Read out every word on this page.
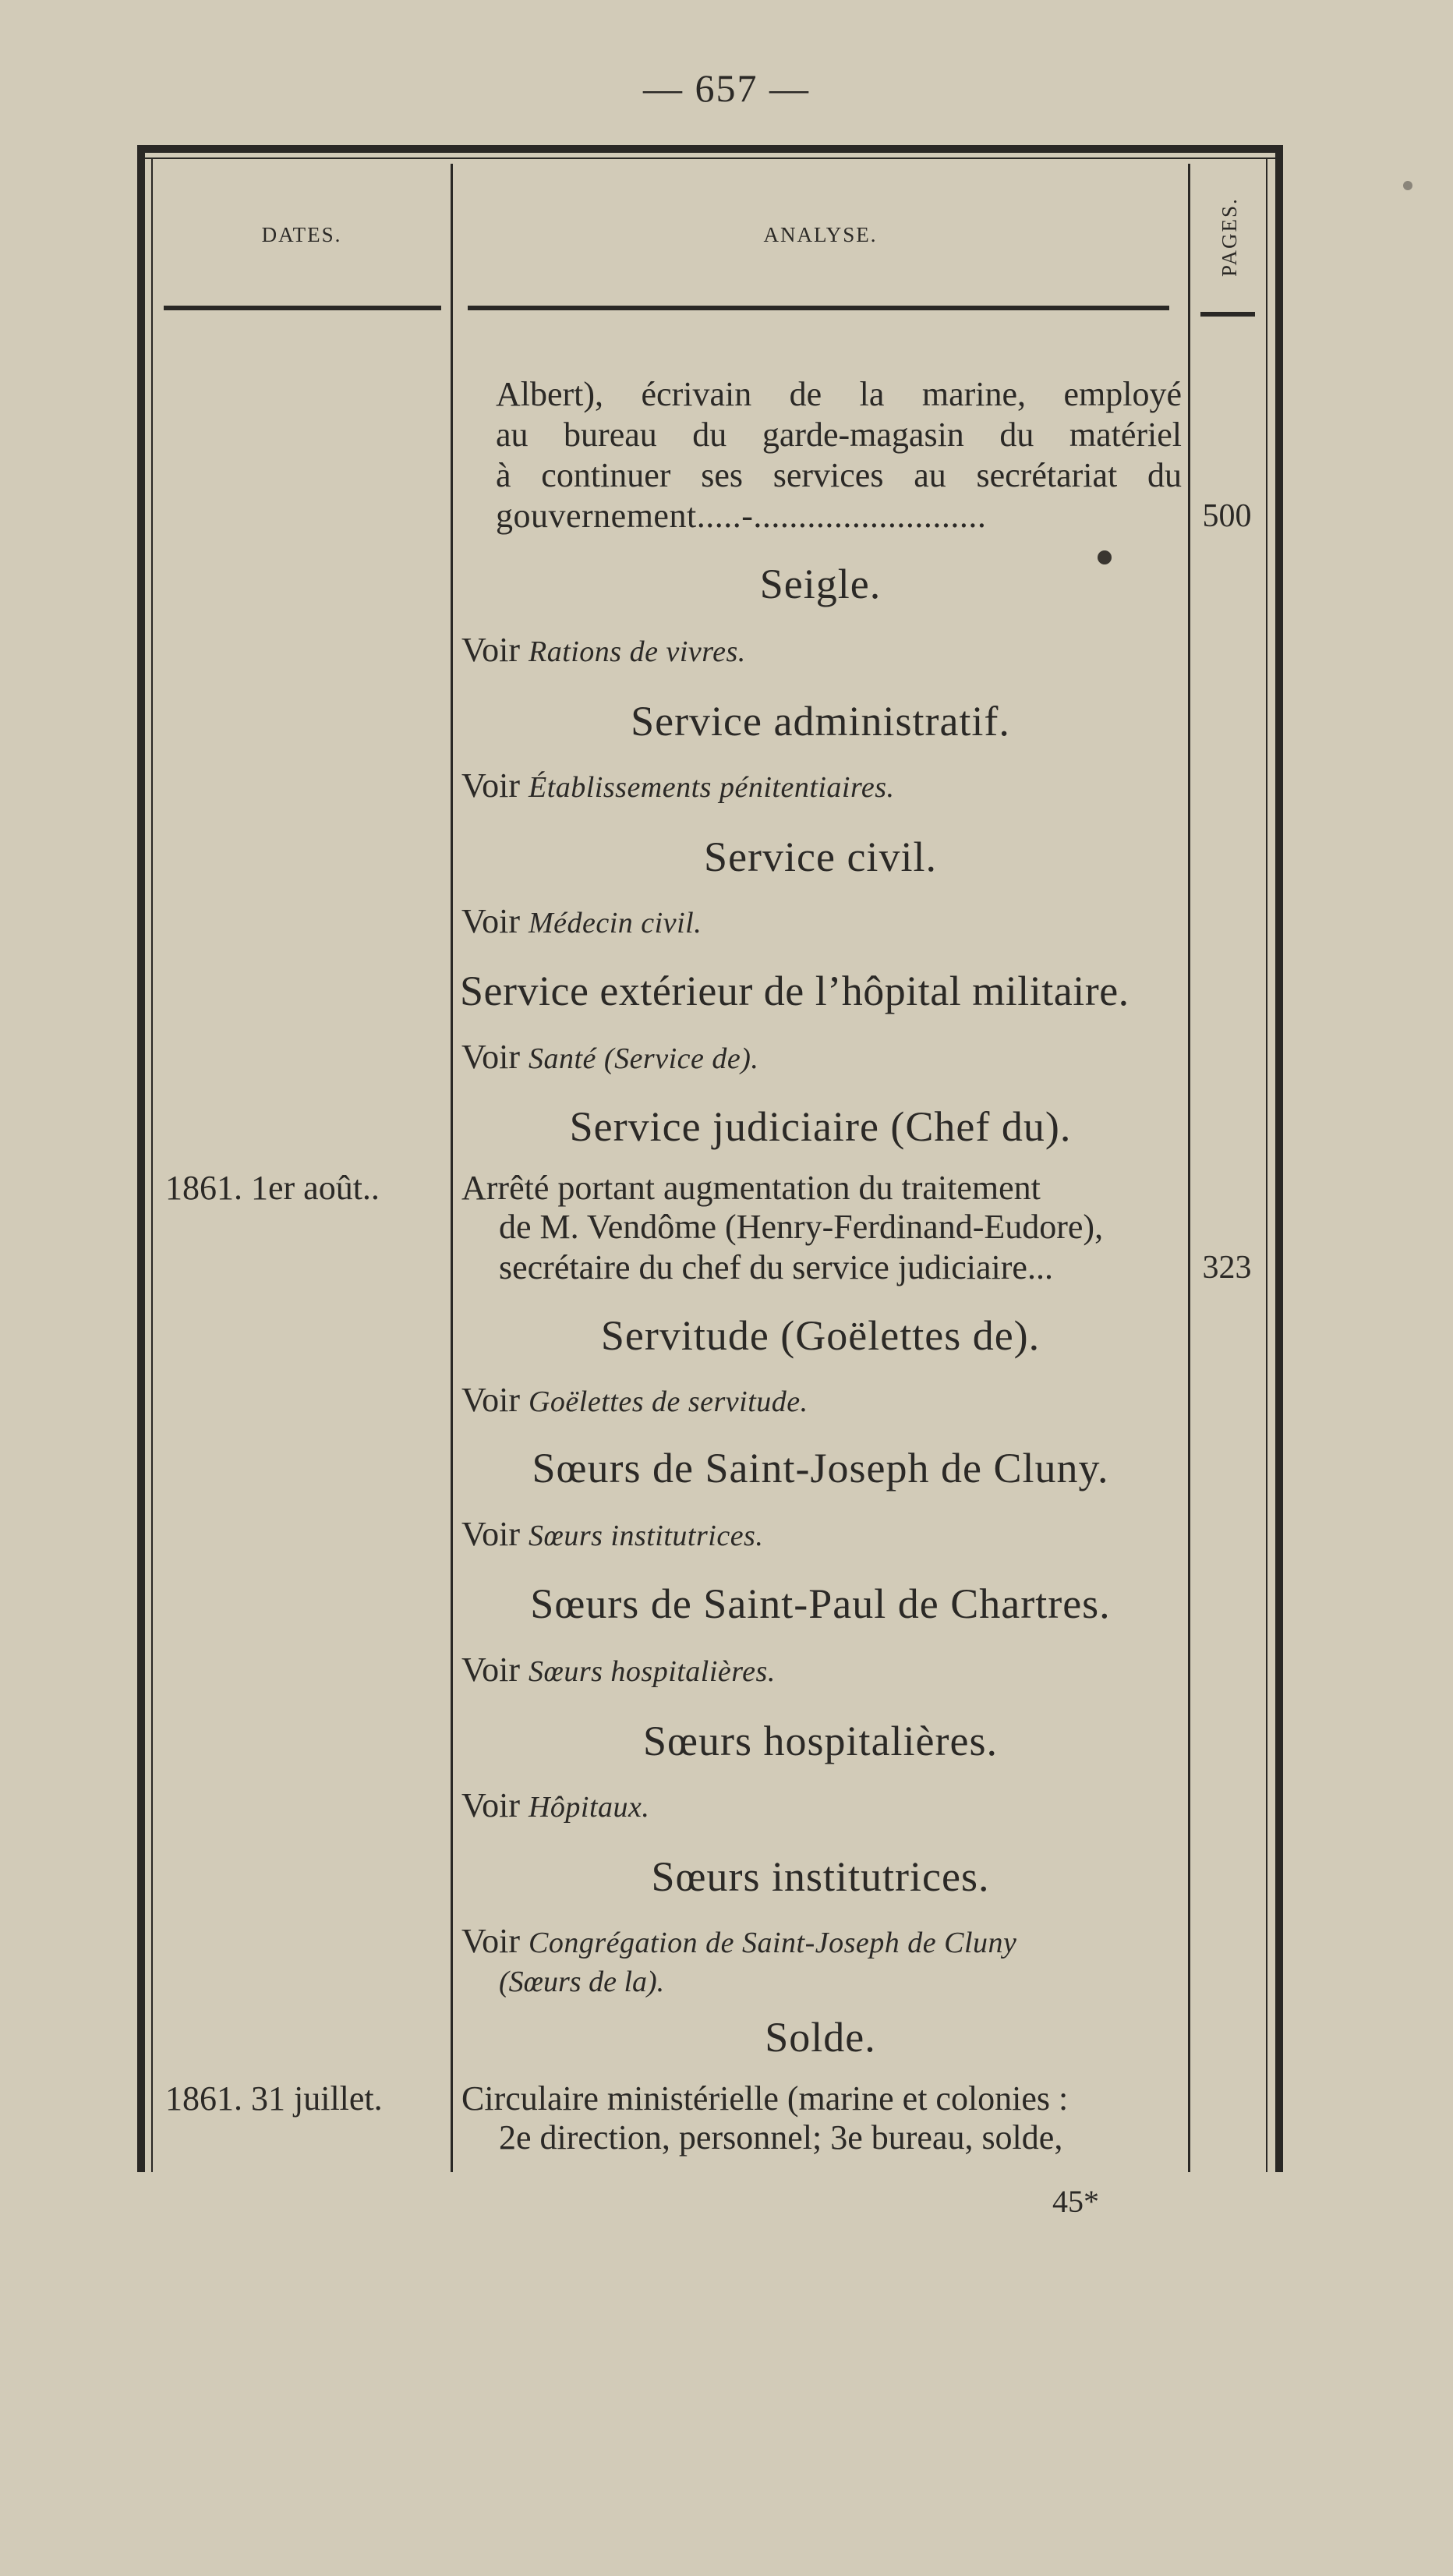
— 657 —
DATES.	ANALYSE.	PAGES.
Albert), écrivain de la marine, employé
au bureau du garde-magasin du matériel
à continuer ses services au secrétariat du
gouvernement.....-..........................	500
Seigle.
Voir Rations de vivres.
Service administratif.
Voir Établissements pénitentiaires.
Service civil.
Voir Médecin civil.
Service extérieur de l’hôpital militaire.
Voir Santé (Service de).
Service judiciaire (Chef du).
1861. 1er août.. Arrêté portant augmentation du traitement
de M. Vendôme (Henry-Ferdinand-Eudore),
secrétaire du chef du service judiciaire...	323
Servitude (Goëlettes de).
Voir Goëlettes de servitude.
Sœurs de Saint-Joseph de Cluny.
Voir Sœurs institutrices.
Sœurs de Saint-Paul de Chartres.
Voir Sœurs hospitalières.
Sœurs hospitalières.
Voir Hôpitaux.
Sœurs institutrices.
Voir Congrégation de Saint-Joseph de Cluny
(Sœurs de la).
Solde.
1861. 31 juillet. Circulaire ministérielle (marine et colonies :
2e direction, personnel; 3e bureau, solde,
45*
